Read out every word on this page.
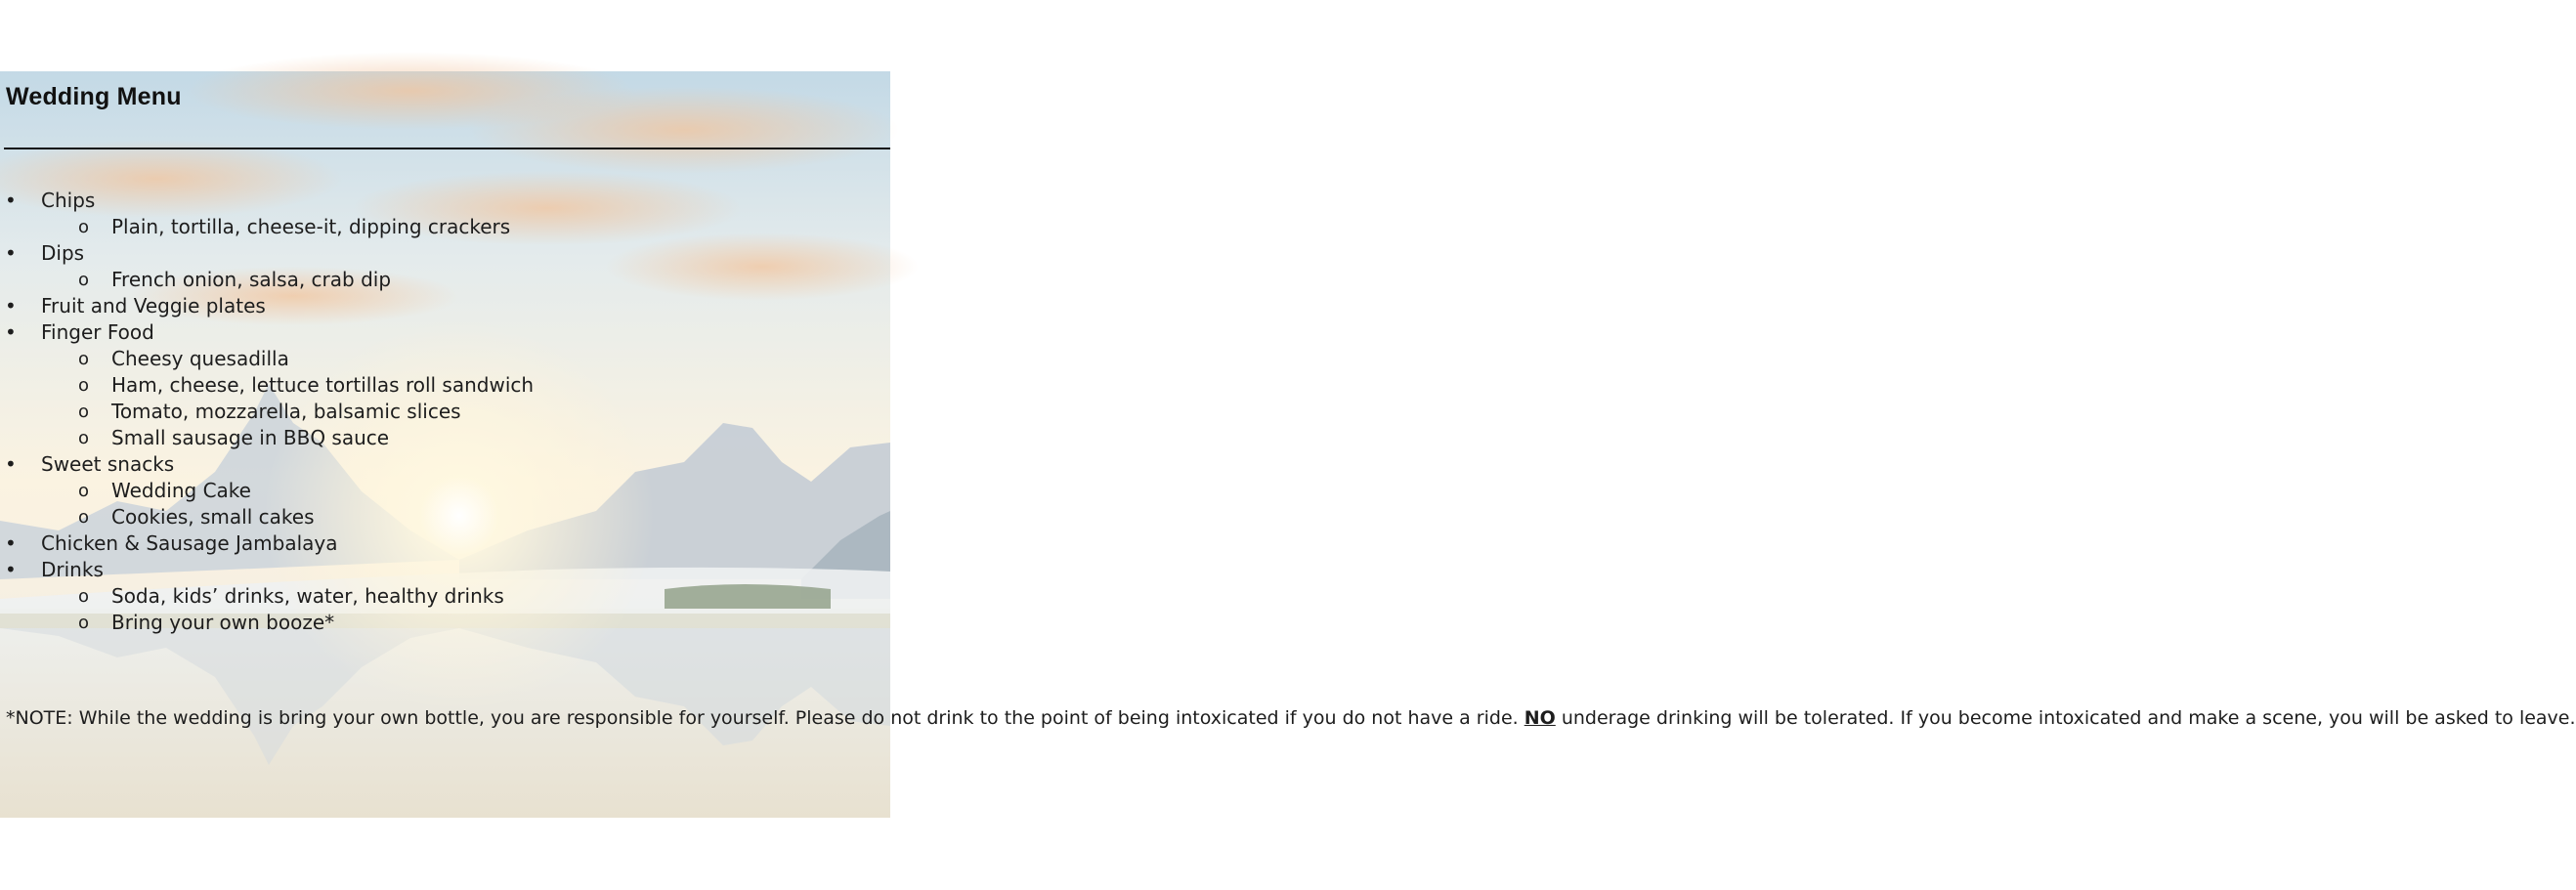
Wedding Menu
• Chips
o Plain, tortilla, cheese-it, dipping crackers
• Dips
o French onion, salsa, crab dip
• Fruit and Veggie plates
• Finger Food
o Cheesy quesadilla
o Ham, cheese, lettuce tortillas roll sandwich
o Tomato, mozzarella, balsamic slices
o Small sausage in BBQ sauce
• Sweet snacks
o Wedding Cake
o Cookies, small cakes
• Chicken & Sausage Jambalaya
• Drinks
o Soda, kids’ drinks, water, healthy drinks
o Bring your own booze*

*NOTE: While the wedding is bring your own bottle, you are responsible for yourself. Please do not drink to the point of being intoxicated if you do not have a ride. NO underage drinking will be tolerated. If you become intoxicated and make a scene, you will be asked to leave.
